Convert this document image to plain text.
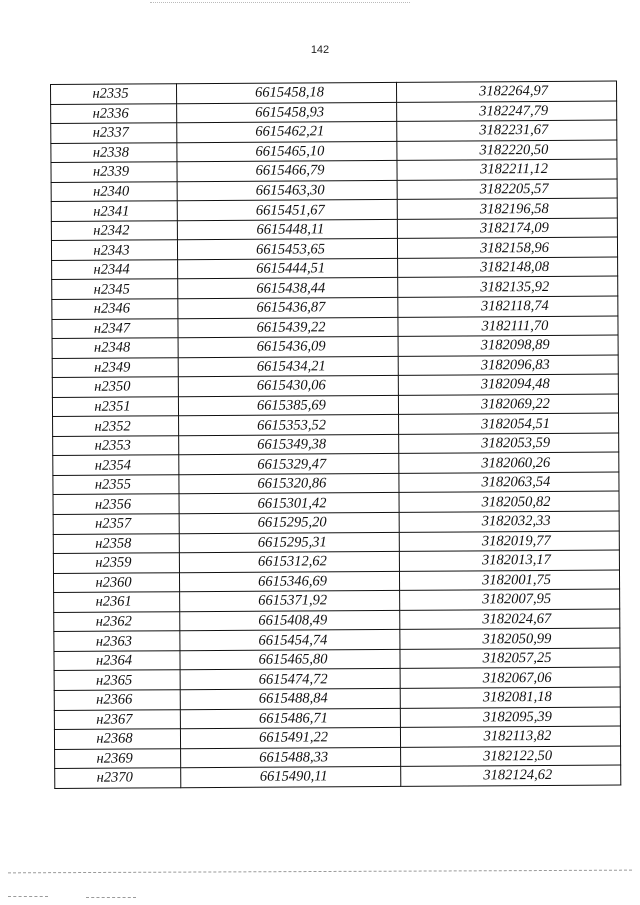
142
н2335	6615458,18	3182264,97
н2336	6615458,93	3182247,79
н2337	6615462,21	3182231,67
н2338	6615465,10	3182220,50
н2339	6615466,79	3182211,12
н2340	6615463,30	3182205,57
н2341	6615451,67	3182196,58
н2342	6615448,11	3182174,09
н2343	6615453,65	3182158,96
н2344	6615444,51	3182148,08
н2345	6615438,44	3182135,92
н2346	6615436,87	3182118,74
н2347	6615439,22	3182111,70
н2348	6615436,09	3182098,89
н2349	6615434,21	3182096,83
н2350	6615430,06	3182094,48
н2351	6615385,69	3182069,22
н2352	6615353,52	3182054,51
н2353	6615349,38	3182053,59
н2354	6615329,47	3182060,26
н2355	6615320,86	3182063,54
н2356	6615301,42	3182050,82
н2357	6615295,20	3182032,33
н2358	6615295,31	3182019,77
н2359	6615312,62	3182013,17
н2360	6615346,69	3182001,75
н2361	6615371,92	3182007,95
н2362	6615408,49	3182024,67
н2363	6615454,74	3182050,99
н2364	6615465,80	3182057,25
н2365	6615474,72	3182067,06
н2366	6615488,84	3182081,18
н2367	6615486,71	3182095,39
н2368	6615491,22	3182113,82
н2369	6615488,33	3182122,50
н2370	6615490,11	3182124,62
